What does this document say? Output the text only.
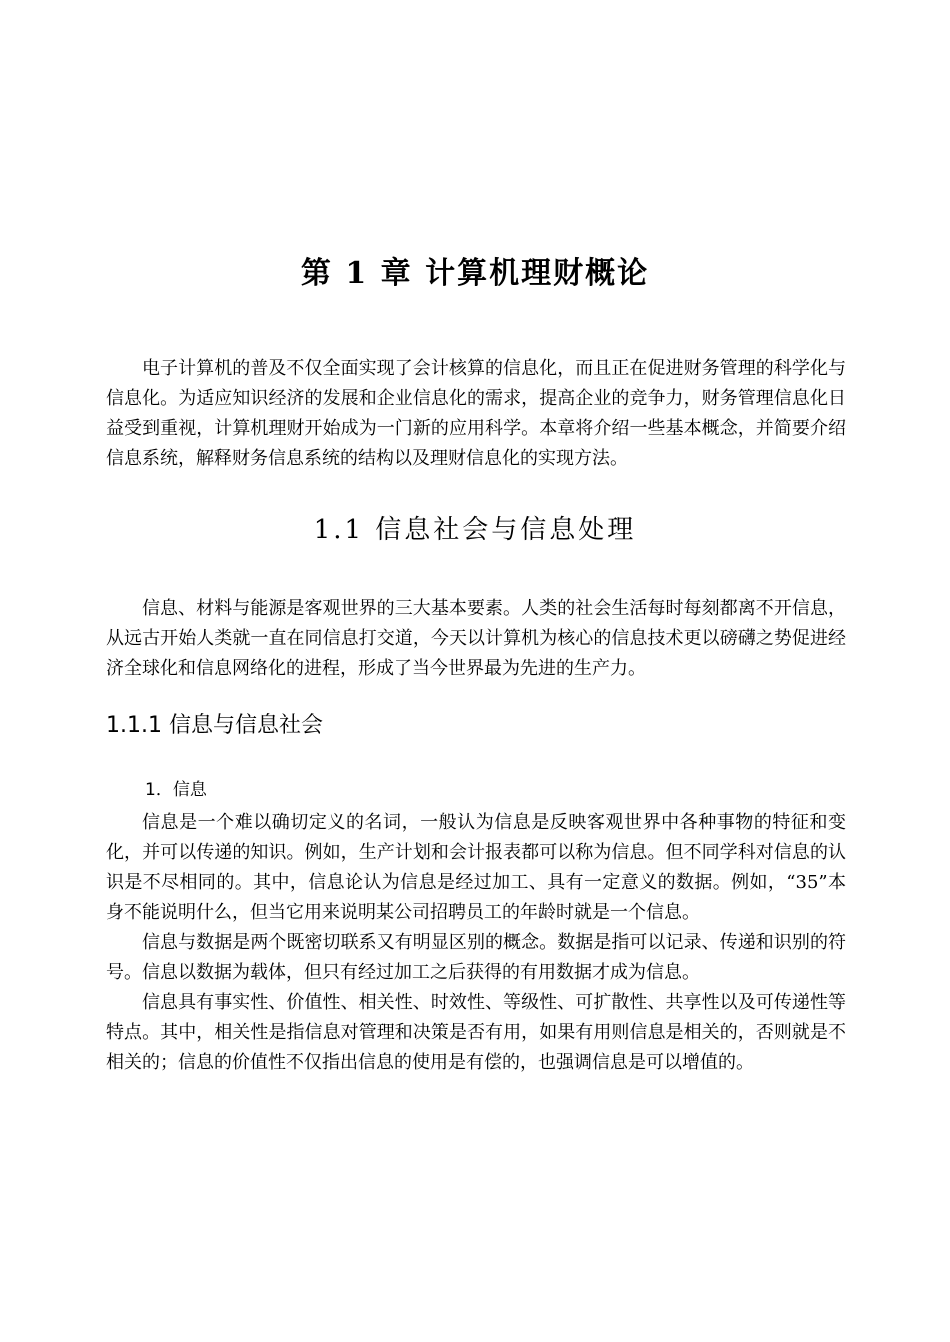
第 1 章 计算机理财概论

电子计算机的普及不仅全面实现了会计核算的信息化，而且正在促进财务管理的科学化与信息化。为适应知识经济的发展和企业信息化的需求，提高企业的竞争力，财务管理信息化日益受到重视，计算机理财开始成为一门新的应用科学。本章将介绍一些基本概念，并简要介绍信息系统，解释财务信息系统的结构以及理财信息化的实现方法。

1.1 信息社会与信息处理

信息、材料与能源是客观世界的三大基本要素。人类的社会生活每时每刻都离不开信息，从远古开始人类就一直在同信息打交道，今天以计算机为核心的信息技术更以磅礴之势促进经济全球化和信息网络化的进程，形成了当今世界最为先进的生产力。

1.1.1 信息与信息社会
1．信息

信息是一个难以确切定义的名词，一般认为信息是反映客观世界中各种事物的特征和变化，并可以传递的知识。例如，生产计划和会计报表都可以称为信息。但不同学科对信息的认识是不尽相同的。其中，信息论认为信息是经过加工、具有一定意义的数据。例如，“35”本身不能说明什么，但当它用来说明某公司招聘员工的年龄时就是一个信息。

信息与数据是两个既密切联系又有明显区别的概念。数据是指可以记录、传递和识别的符号。信息以数据为载体，但只有经过加工之后获得的有用数据才成为信息。

信息具有事实性、价值性、相关性、时效性、等级性、可扩散性、共享性以及可传递性等特点。其中，相关性是指信息对管理和决策是否有用，如果有用则信息是相关的，否则就是不相关的；信息的价值性不仅指出信息的使用是有偿的，也强调信息是可以增值的。
